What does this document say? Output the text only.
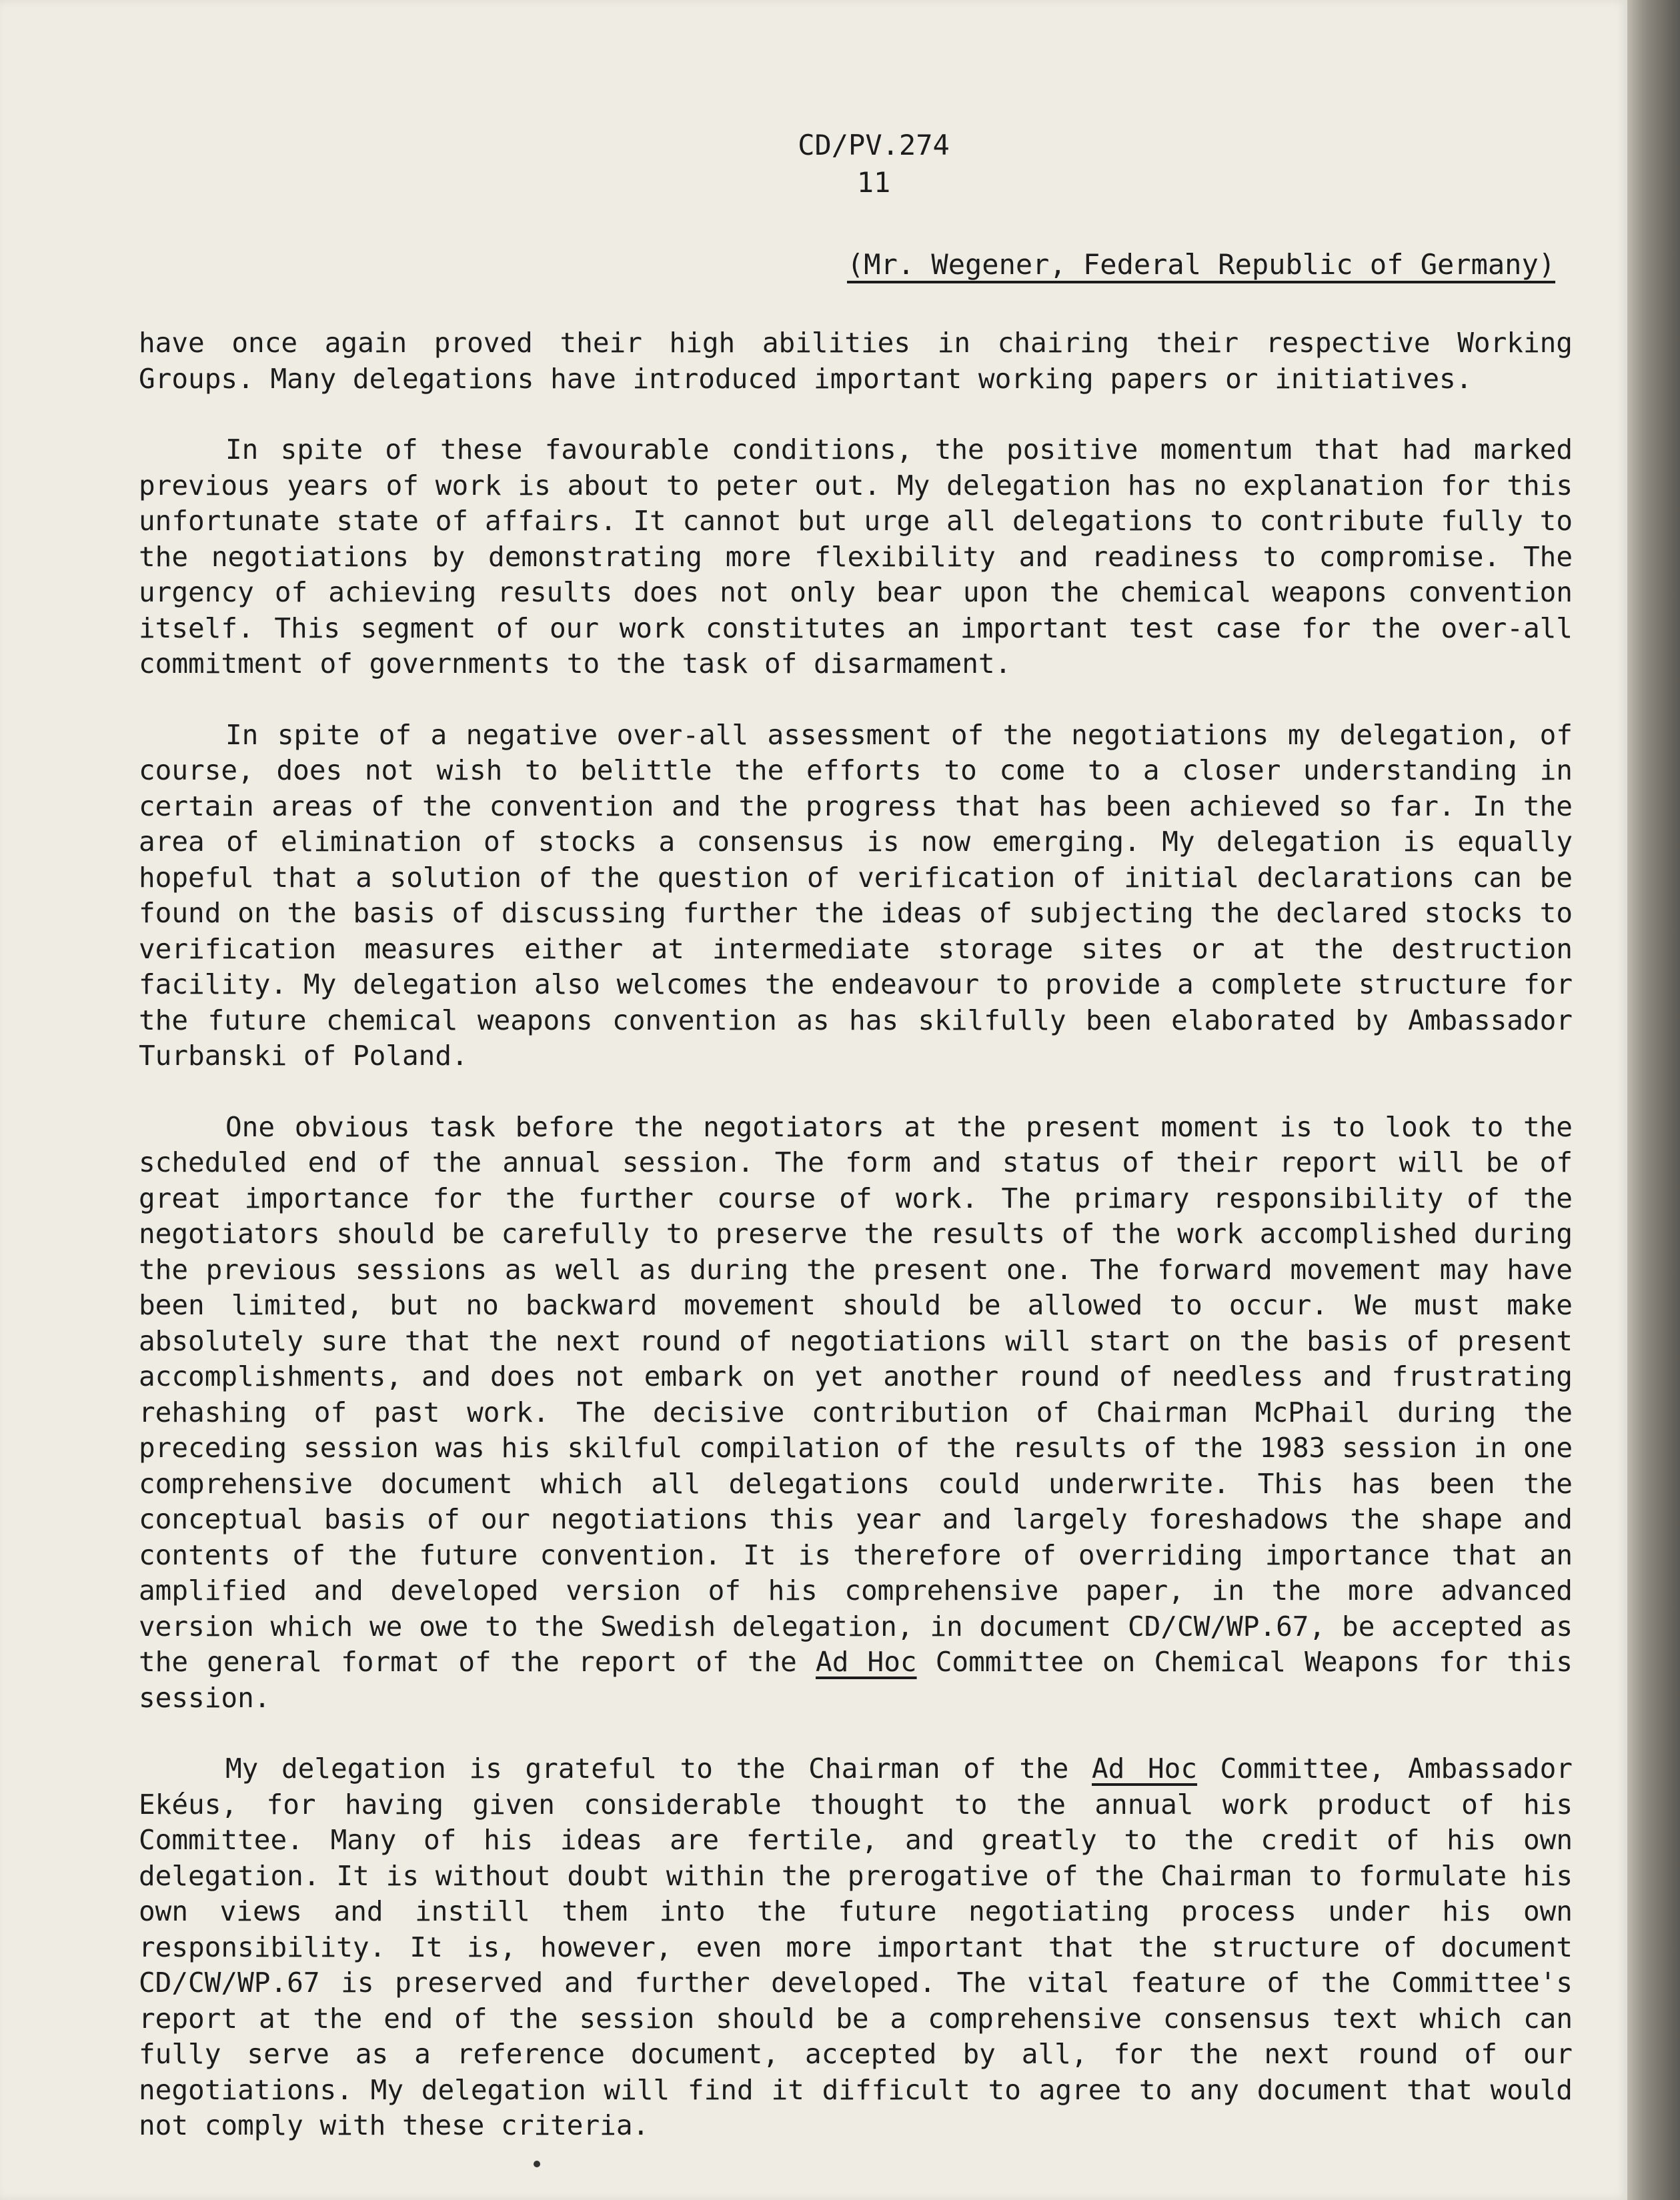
CD/PV.274
11
(Mr. Wegener, Federal Republic of Germany)

have once again proved their high abilities in chairing their respective Working Groups. Many delegations have introduced important working papers or initiatives.

In spite of these favourable conditions, the positive momentum that had marked previous years of work is about to peter out. My delegation has no explanation for this unfortunate state of affairs. It cannot but urge all delegations to contribute fully to the negotiations by demonstrating more flexibility and readiness to compromise. The urgency of achieving results does not only bear upon the chemical weapons convention itself. This segment of our work constitutes an important test case for the over-all commitment of governments to the task of disarmament.

In spite of a negative over-all assessment of the negotiations my delegation, of course, does not wish to belittle the efforts to come to a closer understanding in certain areas of the convention and the progress that has been achieved so far. In the area of elimination of stocks a consensus is now emerging. My delegation is equally hopeful that a solution of the question of verification of initial declarations can be found on the basis of discussing further the ideas of subjecting the declared stocks to verification measures either at intermediate storage sites or at the destruction facility. My delegation also welcomes the endeavour to provide a complete structure for the future chemical weapons convention as has skilfully been elaborated by Ambassador Turbanski of Poland.

One obvious task before the negotiators at the present moment is to look to the scheduled end of the annual session. The form and status of their report will be of great importance for the further course of work. The primary responsibility of the negotiators should be carefully to preserve the results of the work accomplished during the previous sessions as well as during the present one. The forward movement may have been limited, but no backward movement should be allowed to occur. We must make absolutely sure that the next round of negotiations will start on the basis of present accomplishments, and does not embark on yet another round of needless and frustrating rehashing of past work. The decisive contribution of Chairman McPhail during the preceding session was his skilful compilation of the results of the 1983 session in one comprehensive document which all delegations could underwrite. This has been the conceptual basis of our negotiations this year and largely foreshadows the shape and contents of the future convention. It is therefore of overriding importance that an amplified and developed version of his comprehensive paper, in the more advanced version which we owe to the Swedish delegation, in document CD/CW/WP.67, be accepted as the general format of the report of the Ad Hoc Committee on Chemical Weapons for this session.

My delegation is grateful to the Chairman of the Ad Hoc Committee, Ambassador Ekéus, for having given considerable thought to the annual work product of his Committee. Many of his ideas are fertile, and greatly to the credit of his own delegation. It is without doubt within the prerogative of the Chairman to formulate his own views and instill them into the future negotiating process under his own responsibility. It is, however, even more important that the structure of document CD/CW/WP.67 is preserved and further developed. The vital feature of the Committee's report at the end of the session should be a comprehensive consensus text which can fully serve as a reference document, accepted by all, for the next round of our negotiations. My delegation will find it difficult to agree to any document that would not comply with these criteria.
